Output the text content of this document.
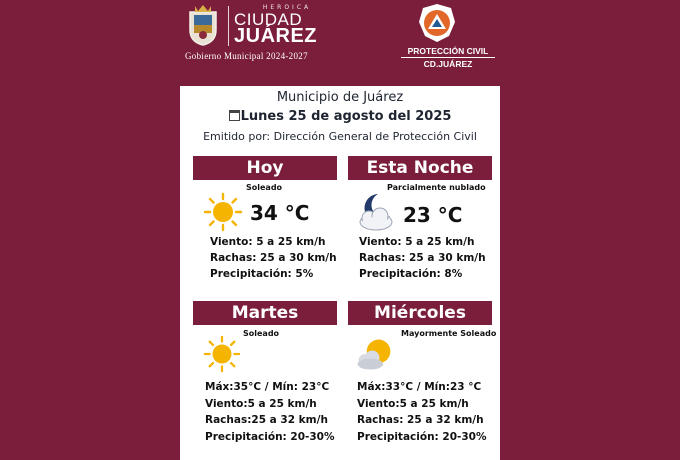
HEROICA
CIUDAD
JUÁREZ
Gobierno Municipal 2024-2027	PROTECCIÓN CIVIL
CD.JUÁREZ
Municipio de Juárez
Lunes 25 de agosto del 2025
Emitido por: Dirección General de Protección Civil
Hoy
Soleado
34 °C
Viento: 5 a 25 km/h
Rachas: 25 a 30 km/h
Precipitación: 5%
Esta Noche
Parcialmente nublado
23 °C
Viento: 5 a 25 km/h
Rachas: 25 a 30 km/h
Precipitación: 8%
Martes
Soleado
Máx:35°C / Mín: 23°C
Viento:5 a 25 km/h
Rachas:25 a 32 km/h
Precipitación: 20-30%
Miércoles
Mayormente Soleado
Máx:33°C / Mín:23 °C
Viento:5 a 25 km/h
Rachas: 25 a 32 km/h
Precipitación: 20-30%
